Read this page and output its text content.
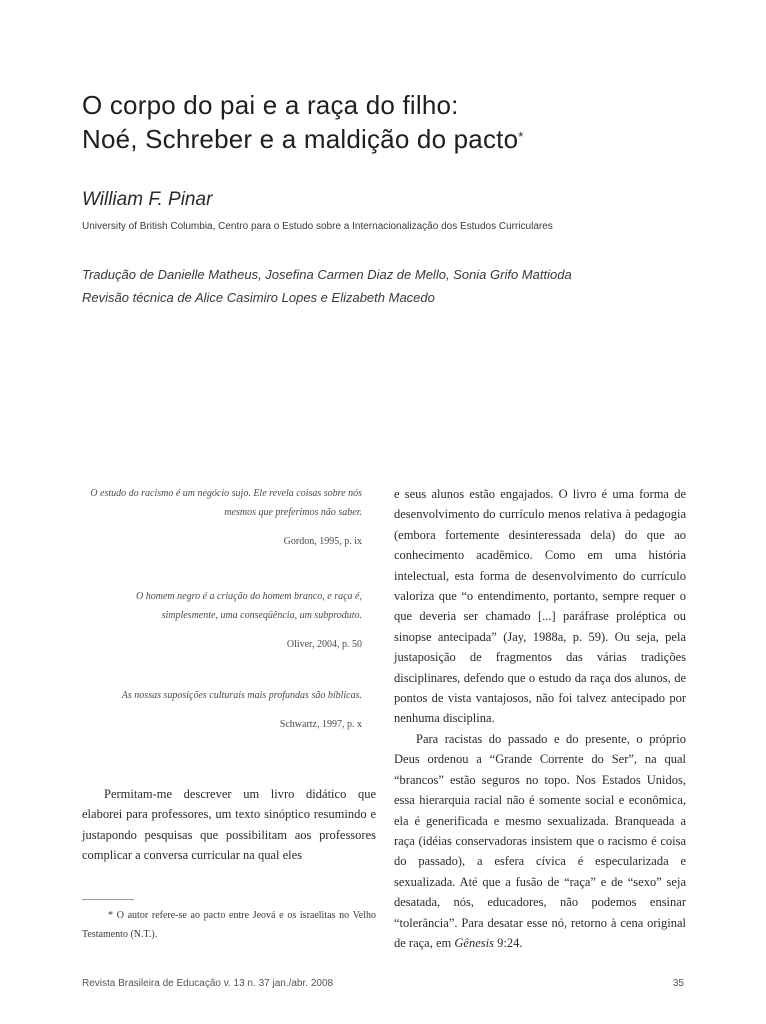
O corpo do pai e a raça do filho:
Noé, Schreber e a maldição do pacto*
William F. Pinar
University of British Columbia, Centro para o Estudo sobre a Internacionalização dos Estudos Curriculares
Tradução de Danielle Matheus, Josefina Carmen Diaz de Mello, Sonia Grifo Mattioda
Revisão técnica de Alice Casimiro Lopes e Elizabeth Macedo
O estudo do racismo é um negócio sujo. Ele revela coisas sobre nós mesmos que preferimos não saber.
Gordon, 1995, p. ix
O homem negro é a criação do homem branco, e raça é, simplesmente, uma conseqüência, um subproduto.
Oliver, 2004, p. 50
As nossas suposições culturais mais profundas são bíblicas.
Schwartz, 1997, p. x

Permitam-me descrever um livro didático que elaborei para professores, um texto sinóptico resumindo e justapondo pesquisas que possibilitam aos professores complicar a conversa curricular na qual eles

* O autor refere-se ao pacto entre Jeová e os israelitas no Velho Testamento (N.T.).

e seus alunos estão engajados. O livro é uma forma de desenvolvimento do currículo menos relativa à pedagogia (embora fortemente desinteressada dela) do que ao conhecimento acadêmico. Como em uma história intelectual, esta forma de desenvolvimento do currículo valoriza que “o entendimento, portanto, sempre requer o que deveria ser chamado [...] paráfrase proléptica ou sinopse antecipada” (Jay, 1988a, p. 59). Ou seja, pela justaposição de fragmentos das várias tradições disciplinares, defendo que o estudo da raça dos alunos, de pontos de vista vantajosos, não foi talvez antecipado por nenhuma disciplina.

Para racistas do passado e do presente, o próprio Deus ordenou a “Grande Corrente do Ser”, na qual “brancos” estão seguros no topo. Nos Estados Unidos, essa hierarquia racial não é somente social e econômica, ela é generificada e mesmo sexualizada. Branqueada a raça (idéias conservadoras insistem que o racismo é coisa do passado), a esfera cívica é especularizada e sexualizada. Até que a fusão de “raça” e de “sexo” seja desatada, nós, educadores, não podemos ensinar “tolerância”. Para desatar esse nó, retorno à cena original de raça, em Gênesis 9:24.

Revista Brasileira de Educação v. 13 n. 37 jan./abr. 2008	35
